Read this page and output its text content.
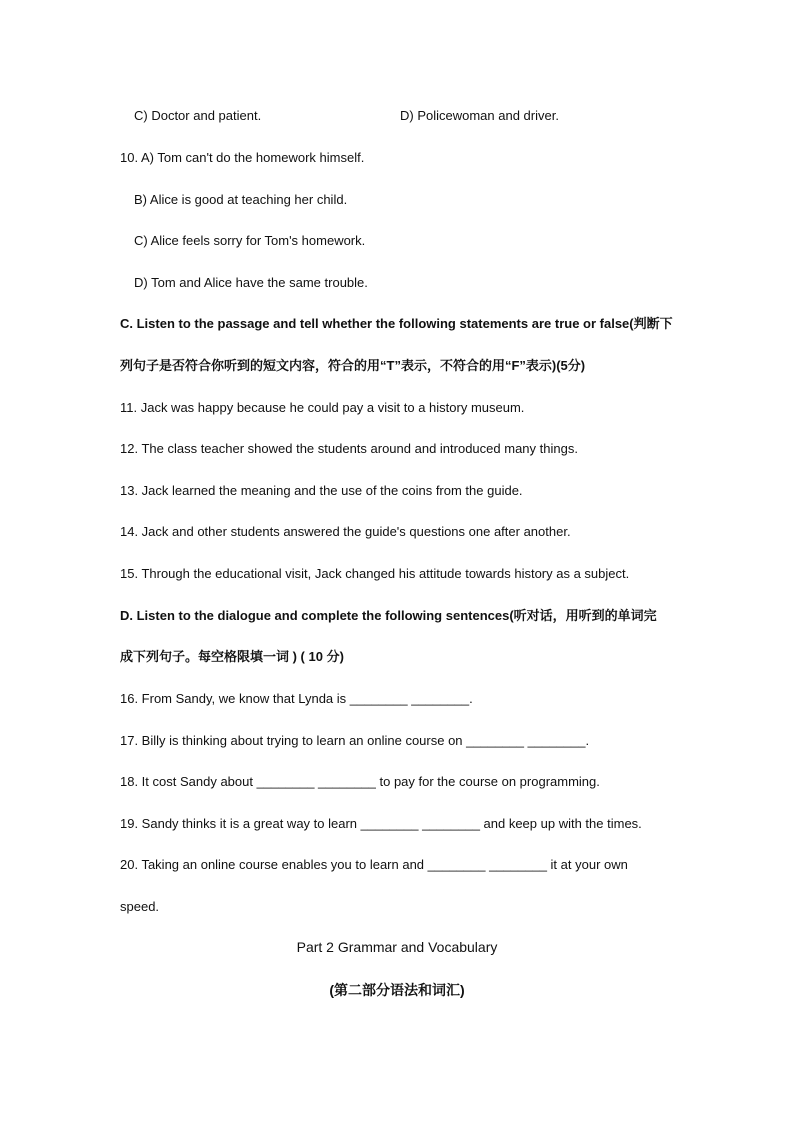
C) Doctor and patient.	D) Policewoman and driver.
10. A) Tom can't do the homework himself.
B) Alice is good at teaching her child.
C) Alice feels sorry for Tom's homework.
D) Tom and Alice have the same trouble.
C. Listen to the passage and tell whether the following statements are true or false(判断下
列句子是否符合你听到的短文内容，符合的用“T”表示，不符合的用“F”表示)(5分)
11. Jack was happy because he could pay a visit to a history museum.
12. The class teacher showed the students around and introduced many things.
13. Jack learned the meaning and the use of the coins from the guide.
14. Jack and other students answered the guide's questions one after another.
15. Through the educational visit, Jack changed his attitude towards history as a subject.
D. Listen to the dialogue and complete the following sentences(听对话，用听到的单词完
成下列句子。每空格限填一词 ) ( 10 分)
16. From Sandy, we know that Lynda is ________ ________.
17. Billy is thinking about trying to learn an online course on ________ ________.
18. It cost Sandy about ________ ________ to pay for the course on programming.
19. Sandy thinks it is a great way to learn ________ ________ and keep up with the times.
20. Taking an online course enables you to learn and ________ ________ it at your own
speed.
Part 2 Grammar and Vocabulary
(第二部分语法和词汇)
